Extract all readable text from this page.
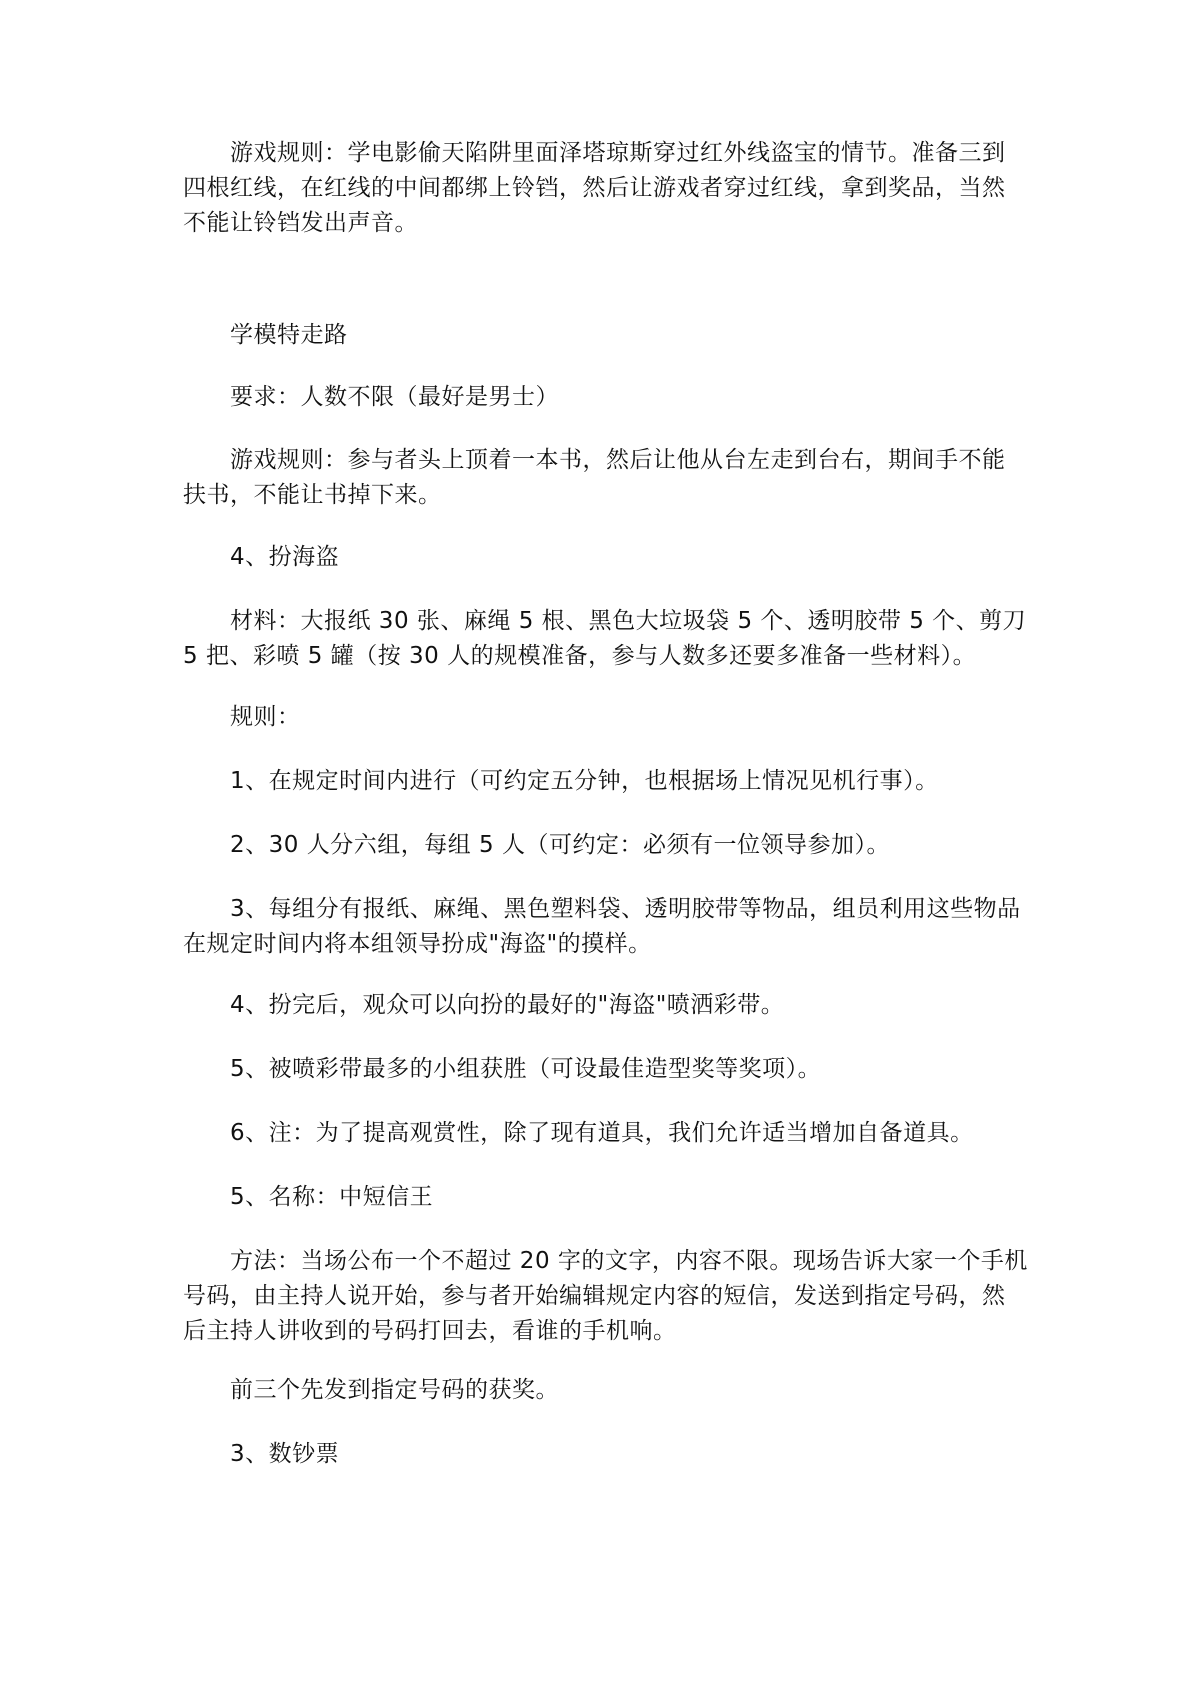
游戏规则：学电影偷天陷阱里面泽塔琼斯穿过红外线盗宝的情节。准备三到四根红线，在红线的中间都绑上铃铛，然后让游戏者穿过红线，拿到奖品，当然不能让铃铛发出声音。

学模特走路

要求：人数不限（最好是男士）

游戏规则：参与者头上顶着一本书，然后让他从台左走到台右，期间手不能扶书，不能让书掉下来。

4、扮海盗

材料：大报纸 30 张、麻绳 5 根、黑色大垃圾袋 5 个、透明胶带 5 个、剪刀 5 把、彩喷 5 罐（按 30 人的规模准备，参与人数多还要多准备一些材料）。

规则：

1、在规定时间内进行（可约定五分钟，也根据场上情况见机行事）。

2、30 人分六组，每组 5 人（可约定：必须有一位领导参加）。

3、每组分有报纸、麻绳、黑色塑料袋、透明胶带等物品，组员利用这些物品在规定时间内将本组领导扮成"海盗"的摸样。

4、扮完后，观众可以向扮的最好的"海盗"喷洒彩带。

5、被喷彩带最多的小组获胜（可设最佳造型奖等奖项）。

6、注：为了提高观赏性，除了现有道具，我们允许适当增加自备道具。

5、名称：中短信王

方法：当场公布一个不超过 20 字的文字，内容不限。现场告诉大家一个手机号码，由主持人说开始，参与者开始编辑规定内容的短信，发送到指定号码，然后主持人讲收到的号码打回去，看谁的手机响。

前三个先发到指定号码的获奖。

3、数钞票
